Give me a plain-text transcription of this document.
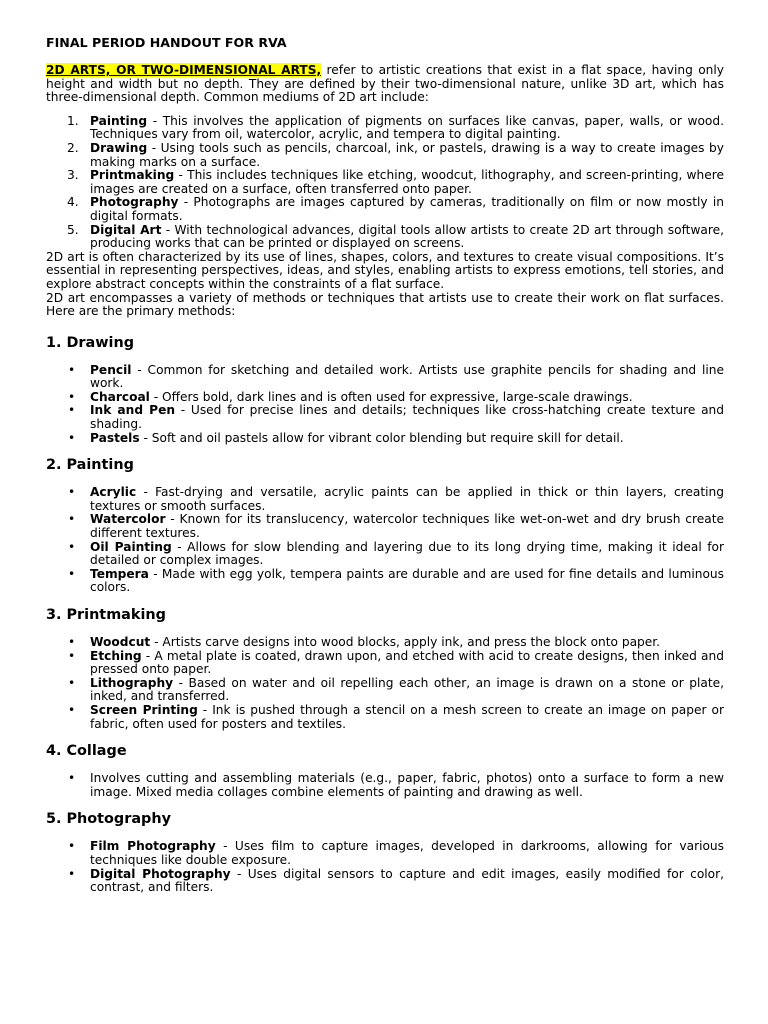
FINAL PERIOD HANDOUT FOR RVA

2D ARTS, OR TWO-DIMENSIONAL ARTS, refer to artistic creations that exist in a flat space, having only height and width but no depth. They are defined by their two-dimensional nature, unlike 3D art, which has three-dimensional depth. Common mediums of 2D art include:

1. Painting - This involves the application of pigments on surfaces like canvas, paper, walls, or wood. Techniques vary from oil, watercolor, acrylic, and tempera to digital painting.
2. Drawing - Using tools such as pencils, charcoal, ink, or pastels, drawing is a way to create images by making marks on a surface.
3. Printmaking - This includes techniques like etching, woodcut, lithography, and screen-printing, where images are created on a surface, often transferred onto paper.
4. Photography - Photographs are images captured by cameras, traditionally on film or now mostly in digital formats.
5. Digital Art - With technological advances, digital tools allow artists to create 2D art through software, producing works that can be printed or displayed on screens.

2D art is often characterized by its use of lines, shapes, colors, and textures to create visual compositions. It’s essential in representing perspectives, ideas, and styles, enabling artists to express emotions, tell stories, and explore abstract concepts within the constraints of a flat surface.

2D art encompasses a variety of methods or techniques that artists use to create their work on flat surfaces. Here are the primary methods:

1. Drawing
• Pencil - Common for sketching and detailed work. Artists use graphite pencils for shading and line work.
• Charcoal - Offers bold, dark lines and is often used for expressive, large-scale drawings.
• Ink and Pen - Used for precise lines and details; techniques like cross-hatching create texture and shading.
• Pastels - Soft and oil pastels allow for vibrant color blending but require skill for detail.
2. Painting
• Acrylic - Fast-drying and versatile, acrylic paints can be applied in thick or thin layers, creating textures or smooth surfaces.
• Watercolor - Known for its translucency, watercolor techniques like wet-on-wet and dry brush create different textures.
• Oil Painting - Allows for slow blending and layering due to its long drying time, making it ideal for detailed or complex images.
• Tempera - Made with egg yolk, tempera paints are durable and are used for fine details and luminous colors.
3. Printmaking
• Woodcut - Artists carve designs into wood blocks, apply ink, and press the block onto paper.
• Etching - A metal plate is coated, drawn upon, and etched with acid to create designs, then inked and pressed onto paper.
• Lithography - Based on water and oil repelling each other, an image is drawn on a stone or plate, inked, and transferred.
• Screen Printing - Ink is pushed through a stencil on a mesh screen to create an image on paper or fabric, often used for posters and textiles.
4. Collage
• Involves cutting and assembling materials (e.g., paper, fabric, photos) onto a surface to form a new image. Mixed media collages combine elements of painting and drawing as well.
5. Photography
• Film Photography - Uses film to capture images, developed in darkrooms, allowing for various techniques like double exposure.
• Digital Photography - Uses digital sensors to capture and edit images, easily modified for color, contrast, and filters.
